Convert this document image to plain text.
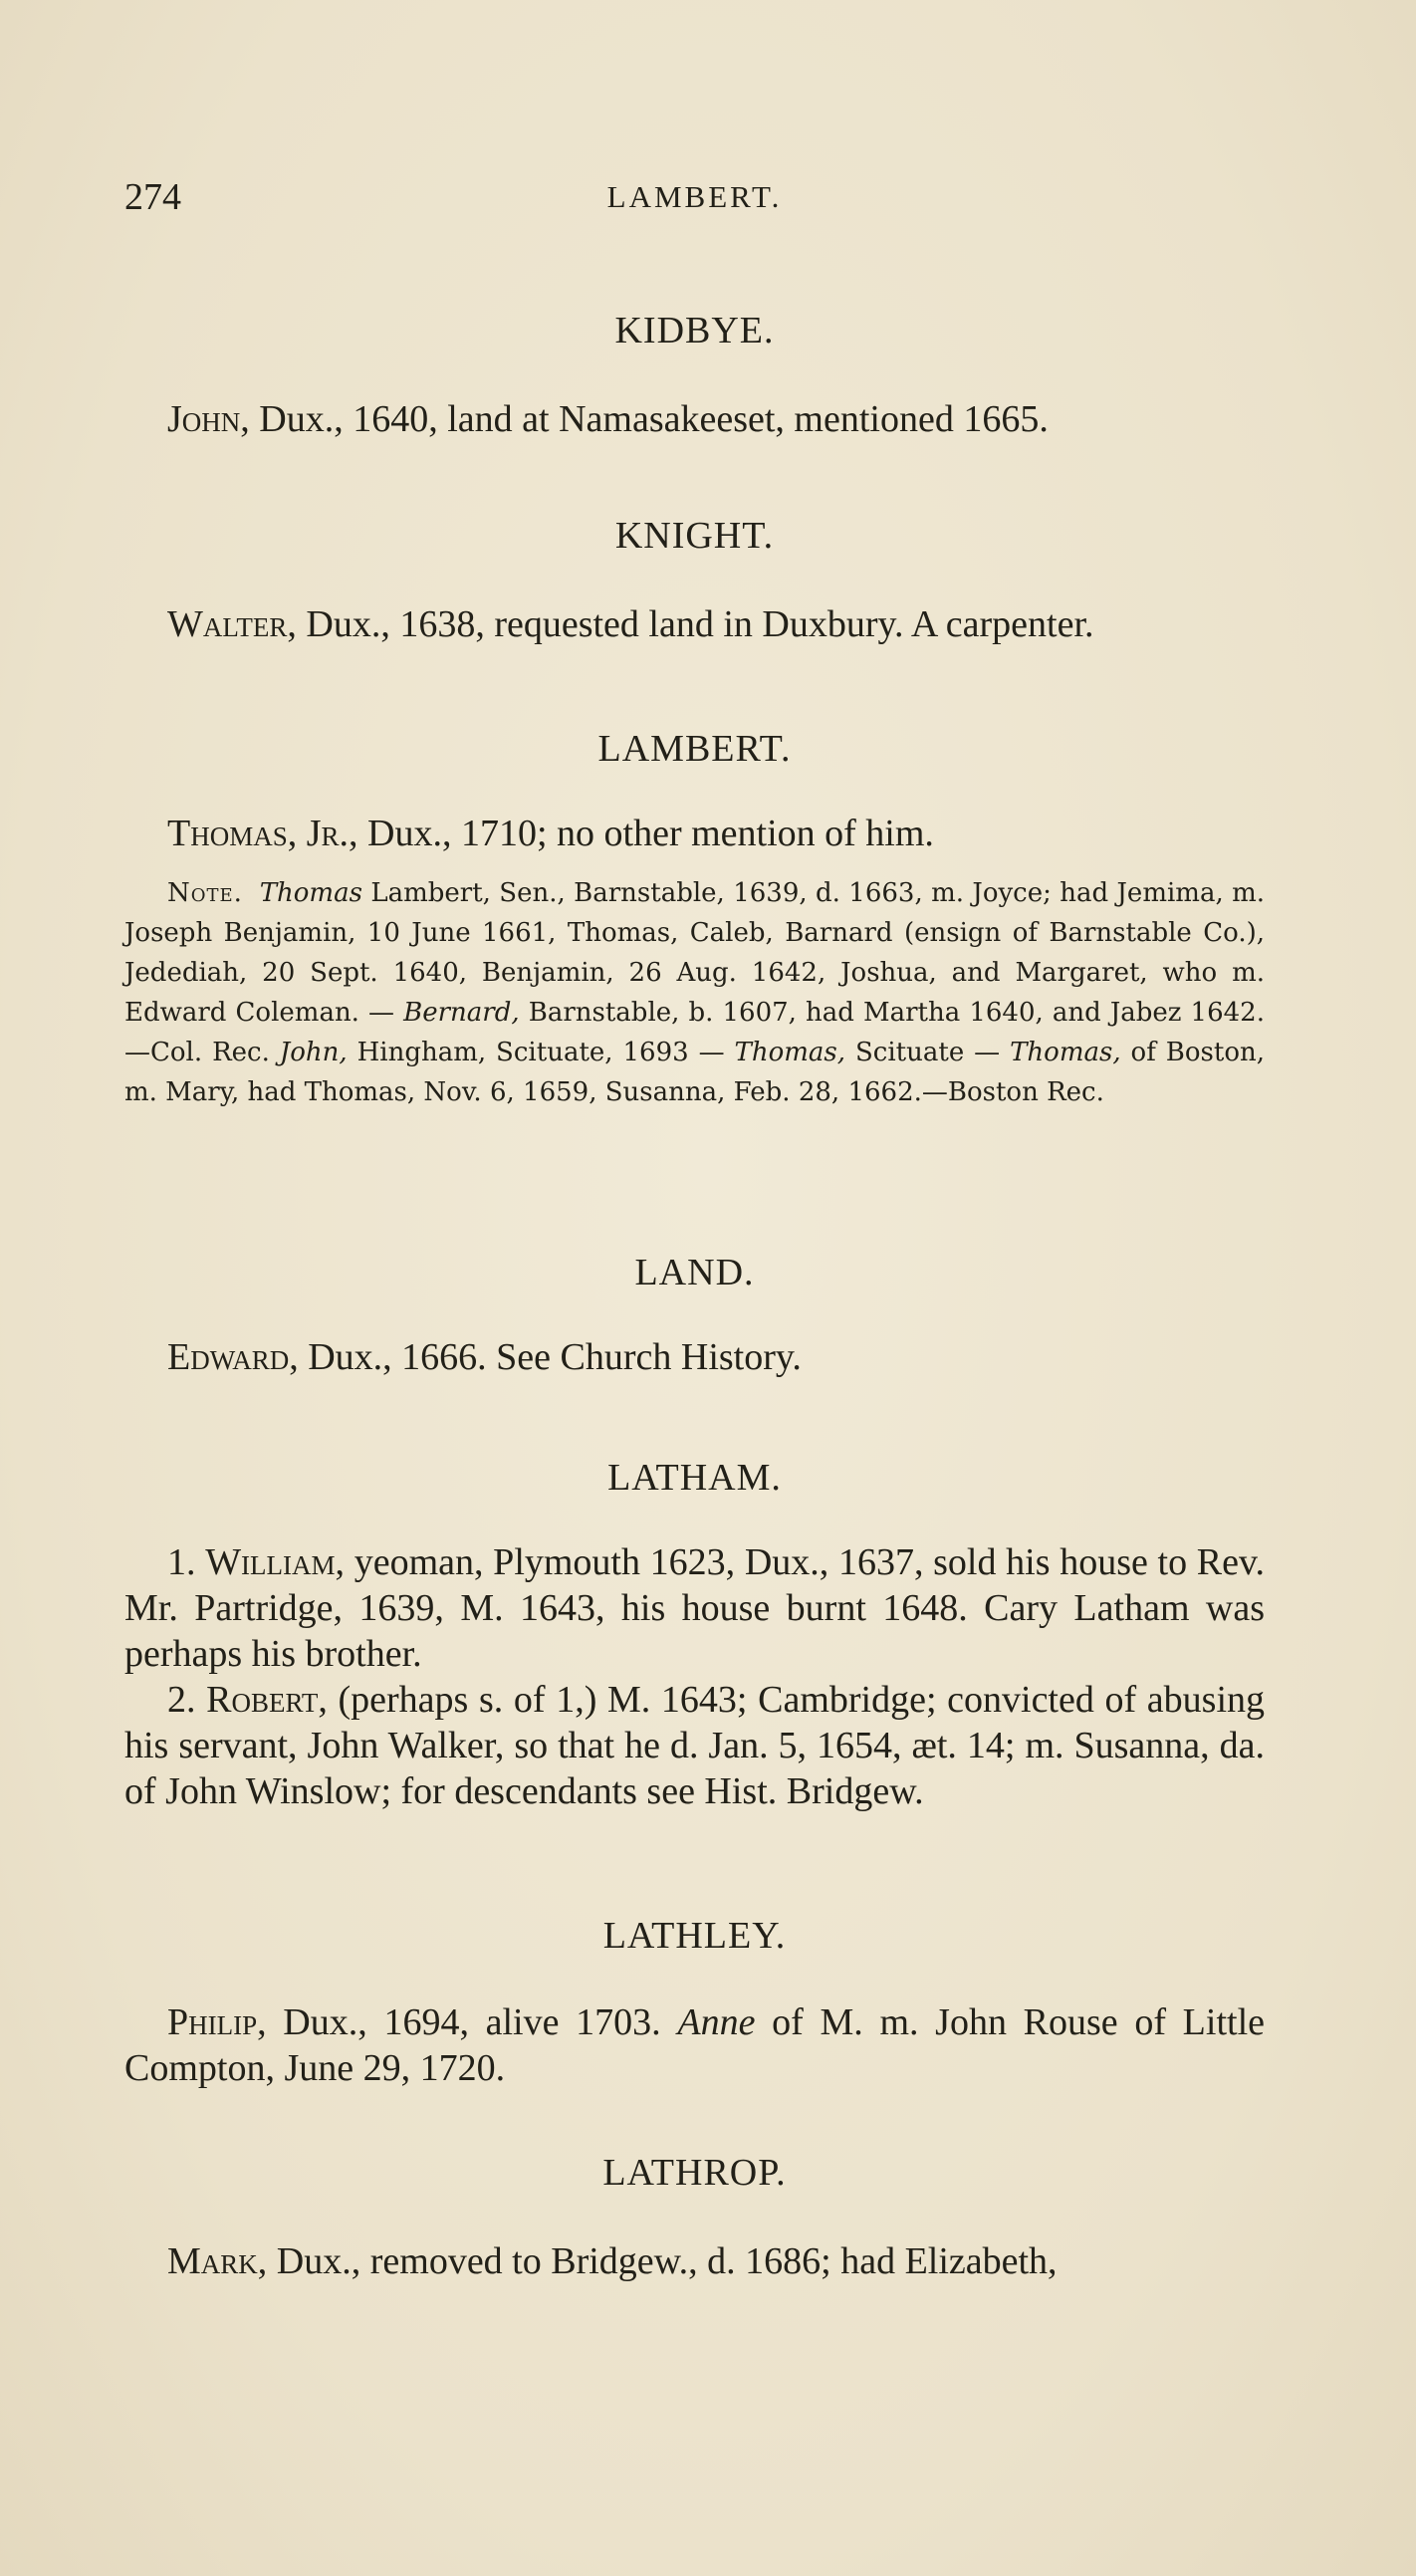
274	LAMBERT.
KIDBYE.
John, Dux., 1640, land at Namasakeeset, mentioned 1665.
KNIGHT.
Walter, Dux., 1638, requested land in Duxbury. A carpenter.
LAMBERT.
Thomas, Jr., Dux., 1710; no other mention of him.
Note. Thomas Lambert, Sen., Barnstable, 1639, d. 1663, m. Joyce; had Jemima, m. Joseph Benjamin, 10 June 1661, Thomas, Caleb, Barnard (ensign of Barnstable Co.), Jedediah, 20 Sept. 1640, Benjamin, 26 Aug. 1642, Joshua, and Margaret, who m. Edward Coleman. — Bernard, Barnstable, b. 1607, had Martha 1640, and Jabez 1642.—Col. Rec. John, Hingham, Scituate, 1693 — Thomas, Scituate — Thomas, of Boston, m. Mary, had Thomas, Nov. 6, 1659, Susanna, Feb. 28, 1662.—Boston Rec.
LAND.
Edward, Dux., 1666. See Church History.
LATHAM.
1. William, yeoman, Plymouth 1623, Dux., 1637, sold his house to Rev. Mr. Partridge, 1639, M. 1643, his house burnt 1648. Cary Latham was perhaps his brother.
2. Robert, (perhaps s. of 1,) M. 1643; Cambridge; convicted of abusing his servant, John Walker, so that he d. Jan. 5, 1654, æt. 14; m. Susanna, da. of John Winslow; for descendants see Hist. Bridgew.
LATHLEY.
Philip, Dux., 1694, alive 1703. Anne of M. m. John Rouse of Little Compton, June 29, 1720.
LATHROP.
Mark, Dux., removed to Bridgew., d. 1686; had Elizabeth,
